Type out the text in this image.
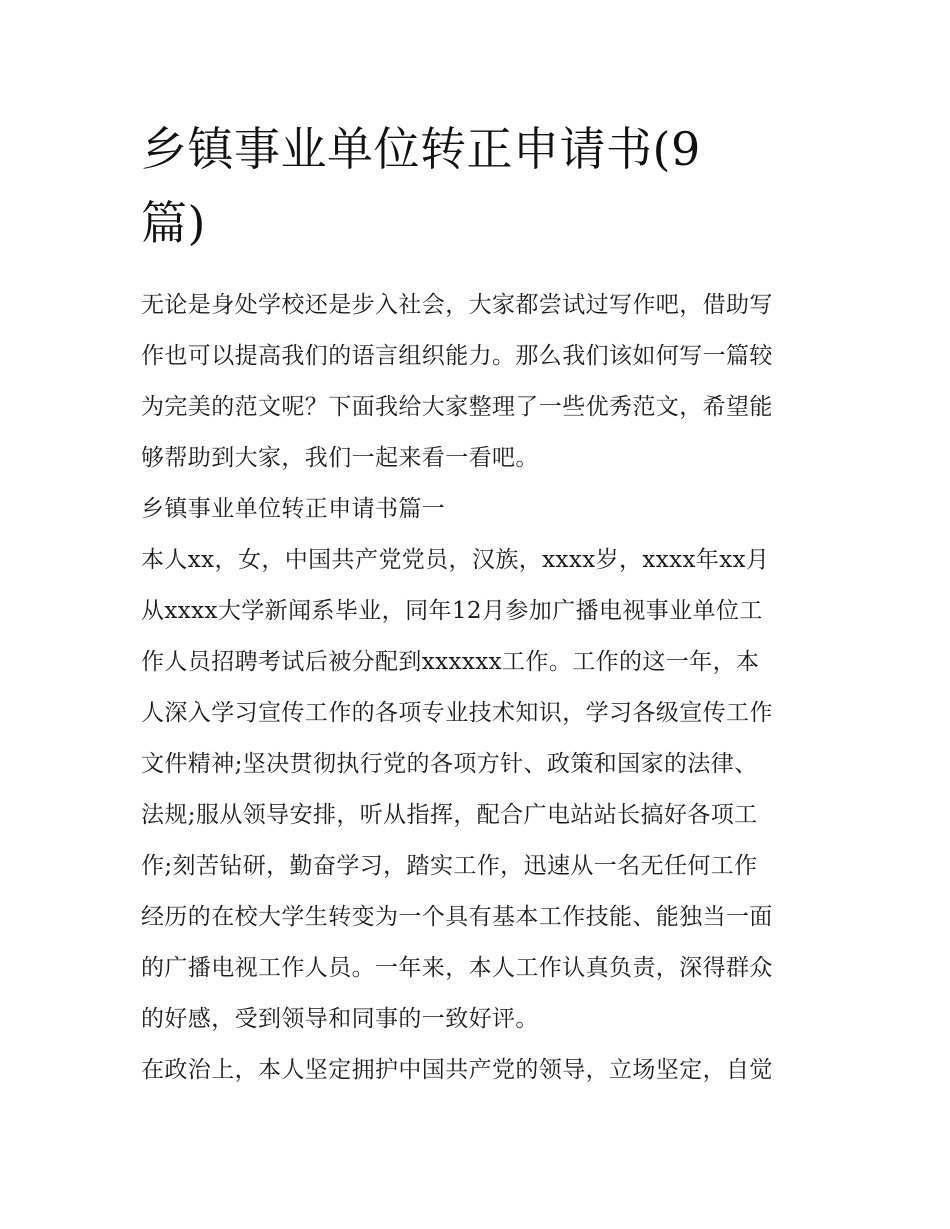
乡镇事业单位转正申请书(9
篇)

无论是身处学校还是步入社会，大家都尝试过写作吧，借助写
作也可以提高我们的语言组织能力。那么我们该如何写一篇较
为完美的范文呢？下面我给大家整理了一些优秀范文，希望能
够帮助到大家，我们一起来看一看吧。

乡镇事业单位转正申请书篇一

本人xx，女，中国共产党党员，汉族，xxxx岁，xxxx年xx月
从xxxx大学新闻系毕业，同年12月参加广播电视事业单位工
作人员招聘考试后被分配到xxxxxx工作。工作的这一年，本
人深入学习宣传工作的各项专业技术知识，学习各级宣传工作
文件精神;坚决贯彻执行党的各项方针、政策和国家的法律、
法规;服从领导安排，听从指挥，配合广电站站长搞好各项工
作;刻苦钻研，勤奋学习，踏实工作，迅速从一名无任何工作
经历的在校大学生转变为一个具有基本工作技能、能独当一面
的广播电视工作人员。一年来，本人工作认真负责，深得群众
的好感，受到领导和同事的一致好评。

在政治上，本人坚定拥护中国共产党的领导，立场坚定，自觉
